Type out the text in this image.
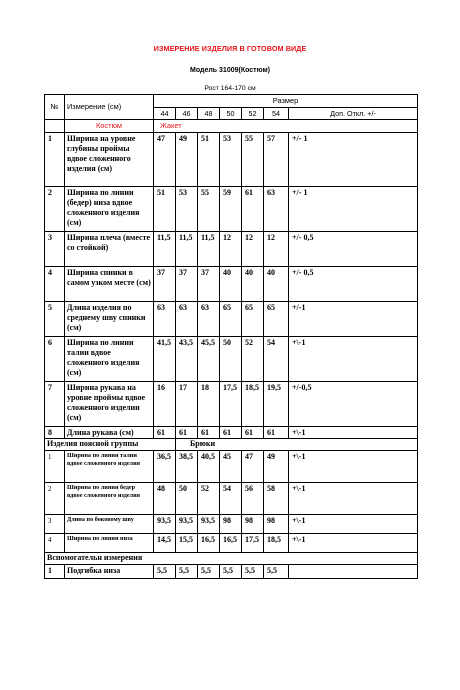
ИЗМЕРЕНИЕ ИЗДЕЛИЯ В ГОТОВОМ ВИДЕ
Модель 31009(Костюм)
Рост 164-170 см
№	Измерение (см)	Размер						
		44	46	48	50	52	54	Доп. Откл. +/-
	Костюм	Жакет						
1	Ширина на уровне глубины проймы вдвое сложенного изделия (см)	47	49	51	53	55	57	+/- 1
2	Ширина по линии (бедер) низа вдвое сложенного изделия (см)	51	53	55	59	61	63	+/- 1
3	Ширина плеча (вместе со стойкой)	11,5	11,5	11,5	12	12	12	+/- 0,5
4	Ширина спинки в самом узком месте (см)	37	37	37	40	40	40	+/- 0,5
5	Длина изделия по среднему шву спинки (см)	63	63	63	65	65	65	+/-1
6	Ширина по линии талии вдвое сложенного изделия (см)	41,5	43,5	45,5	50	52	54	+\-1
7	Ширина рукава на уровне проймы вдвое сложенного изделии (см)	16	17	18	17,5	18,5	19,5	+/-0,5
8	Длина рукава (см)	61	61	61	61	61	61	+\-1
Изделия поясной группы			Брюки					
1	Ширина по линии талии вдвое сложенного изделия	36,5	38,5	40,5	45	47	49	+\-1
2	Ширина по линии бедер вдвое сложенного изделия	48	50	52	54	56	58	+\-1
3	Длина по боковому шву	93,5	93,5	93,5	98	98	98	+\-1
4	Ширина по линии низа	14,5	15,5	16,5	16,5	17,5	18,5	+\-1
Вспомогательн измерения								
1	Подгибка низа	5,5	5,5	5,5	5,5	5,5	5,5	
